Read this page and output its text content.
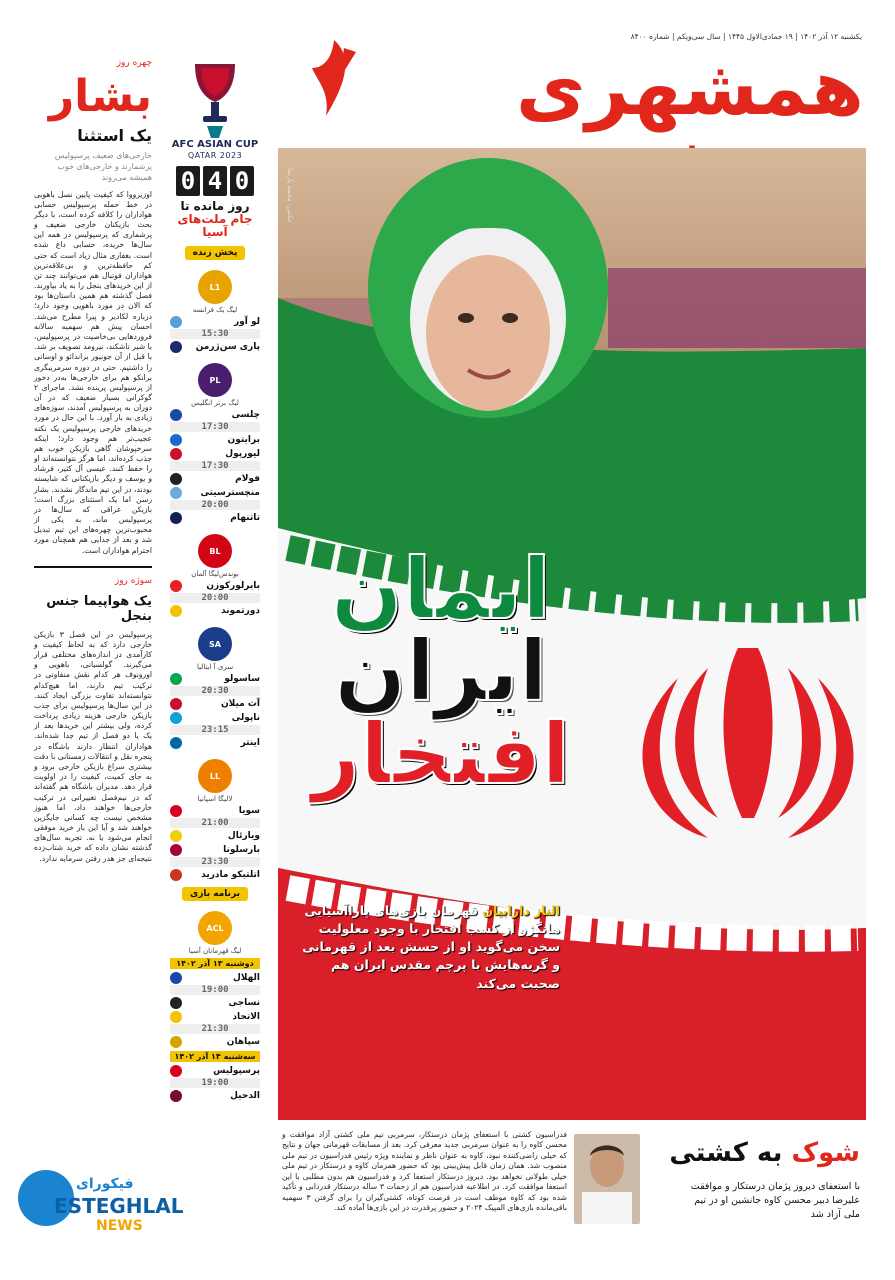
یکشنبه ۱۲ آذر ۱۴۰۲ | ۱۹ جمادی‌الاول ۱۴۴۵ | سال سی‌ویکم | شماره ۸۴۰۰
همشهری
چهره روز
بشار
یک استثنا
خارجی‌های ضعیف پرسپولیس پرشمارند و خارجی‌های خوب همیشه می‌روند
اوزیرووا که کیفیت پایین نسل باهویی در خط حمله پرسپولیس حسابی هواداران را کلافه کرده است، با دیگر بحث بازیکنان خارجی ضعیف و پرشماری که پرسپولیس در همه این سال‌ها خریده، حسابی داغ شده است. بغفاری مثال زیاد است که حتی کم حافظه‌ترین و بی‌علاقه‌ترین هواداران فوتبال هم می‌توانند چند تن از این خریدهای بنجل را به یاد بیاورند. فصل گذشته هم همین داستان‌ها بود که الان در مورد باهویی وجود دارد؛ درباره لکادیر و پیرا مطرح می‌شد. احسان پیش هم سهمیه سالانه فروردها‌یی بی‌خاصیت در پرسپولیس، با شیر تاشکند، نیرومد تصویف بر شد. با قبل از آن جونیور براندائو و اوسانی را داشتیم. حتی در دوره سرمربیگری برانکو هم برای خارجی‌ها به‌در دخور از پرسپولیس پرینده نشد. ماجرای ۲ گوکرانی بسیار ضعیف که در آن دوران به پرسپولیس آمدند، سوزه‌های زیادی به بار آورد. با این حال در مورد خریدهای خارجی پرسپولیس یک نکته عجیب‌تر هم وجود دارد؛ اینکه سرخپوشان گاهی بازیکن خوب هم جذب کرده‌اند، اما هرگز نتوانسته‌اند او را حفظ کنند. عیسی آل کثیر، فرشاد و یوسف و دیگر بازیکنانی که شایسته بودند، در این تیم ماندگار نشدند. بشار رسن اما یک استثنای بزرگ است؛ بازیکن عراقی که سال‌ها در پرسپولیس ماند، به یکی از محبوب‌ترین چهره‌های این تیم تبدیل شد و بعد از جدایی هم همچنان مورد احترام هواداران است.
سوژه روز
یک هواپیما جنس بنجل
پرسپولیس در این فصل ۳ بازیکن خارجی دارد که به لحاظ کیفیت و کارآمدی در اندازه‌های مختلفی قرار می‌گیرند. گولسیانی، باهویی و اورونوف هر کدام نقش متفاوتی در ترکیب تیم دارند، اما هیچ‌کدام نتوانسته‌اند تفاوت بزرگی ایجاد کنند. در این سال‌ها پرسپولیس برای جذب بازیکن خارجی هزینه زیادی پرداخت کرده، ولی بیشتر این خریدها بعد از یک یا دو فصل از تیم جدا شده‌اند. هواداران انتظار دارند باشگاه در پنجره نقل و انتقالات زمستانی با دقت بیشتری سراغ بازیکن خارجی برود و به جای کمیت، کیفیت را در اولویت قرار دهد. مدیران باشگاه هم گفته‌اند که در نیم‌فصل تغییراتی در ترکیب خارجی‌ها خواهند داد، اما هنوز مشخص نیست چه کسانی جایگزین خواهند شد و آیا این بار خرید موفقی انجام می‌شود یا نه. تجربه سال‌های گذشته نشان داده که خرید شتاب‌زده نتیجه‌ای جز هدر رفتن سرمایه ندارد.
AFC ASIAN CUP
QATAR 2023
0 4 0
روز مانده تا
جام ملت‌های آسیا
پخش زنده
L1
لیگ یک فرانسه
لو آور
15:30
پاری سن‌ژرمن
PL
لیگ برتر انگلیس
چلسی
17:30
برایتون
لیورپول
17:30
فولام
منچسترسیتی
20:00
تاتنهام
BL
بوندس‌لیگا آلمان
بایرلورکوزن
20:00
دورتموند
SA
سری آ ایتالیا
ساسولو
20:30
آث میلان
ناپولی
23:15
اینتر
LL
لالیگا اسپانیا
سویا
21:00
ویارئال
بارسلونا
23:30
اتلتیکو مادرید
برنامه بازی
ACL
لیگ قهرمانان آسیا
دوشنبه ۱۳ آذر ۱۴۰۲
الهلال
19:00
نساجی
الاتحاد
21:30
سپاهان
سه‌شنبه ۱۴ آذر ۱۴۰۲
پرسپولیس
19:00
الدحیل
عکس: محمد پارسا
ایمان
ایران
افتخار
الناز دارابیان قهرمان بازی‌های پاراآسیایی هانگژو از کسب افتخار با وجود معلولیت سخن می‌گوید او از حسش بعد از قهرمانی و گریه‌هایش با پرچم مقدس ایران هم صحبت می‌کند
فدراسیون کشتی با استعفای پژمان درستکار، سرمربی تیم ملی کشتی آزاد موافقت و محسن کاوه را به عنوان سرمربی جدید معرفی کرد. بعد از مسابقات قهرمانی جهان و نتایج که خیلی راضی‌کننده نبود، کاوه به عنوان ناظر و نماینده ویژه رئیس فدراسیون در تیم ملی منصوب شد. همان زمان قابل پیش‌بینی بود که حضور همزمان کاوه و درستکار در تیم ملی خیلی طولانی نخواهد بود. دیروز درستکار استعفا کرد و فدراسیون هم بدون مطلبی با این استعفا موافقت کرد. در اطلاعیه فدراسیون هم از زحمات ۳ ساله درستکار قدردانی و تأکید شده بود که کاوه موظف است در فرصت کوتاه، کشتی‌گیران را برای گرفتن ۳ سهمیه باقی‌مانده بازی‌های المپیک ۲۰۲۴ و حضور پرقدرت در این بازی‌ها آماده کند.
شوک به کشتی
با استعفای دیروز پژمان درستکار و موافقت علیرضا دبیر محسن کاوه جانشین او در تیم ملی آزاد شد
فیکورای
ESTEGHLAL
NEWS
